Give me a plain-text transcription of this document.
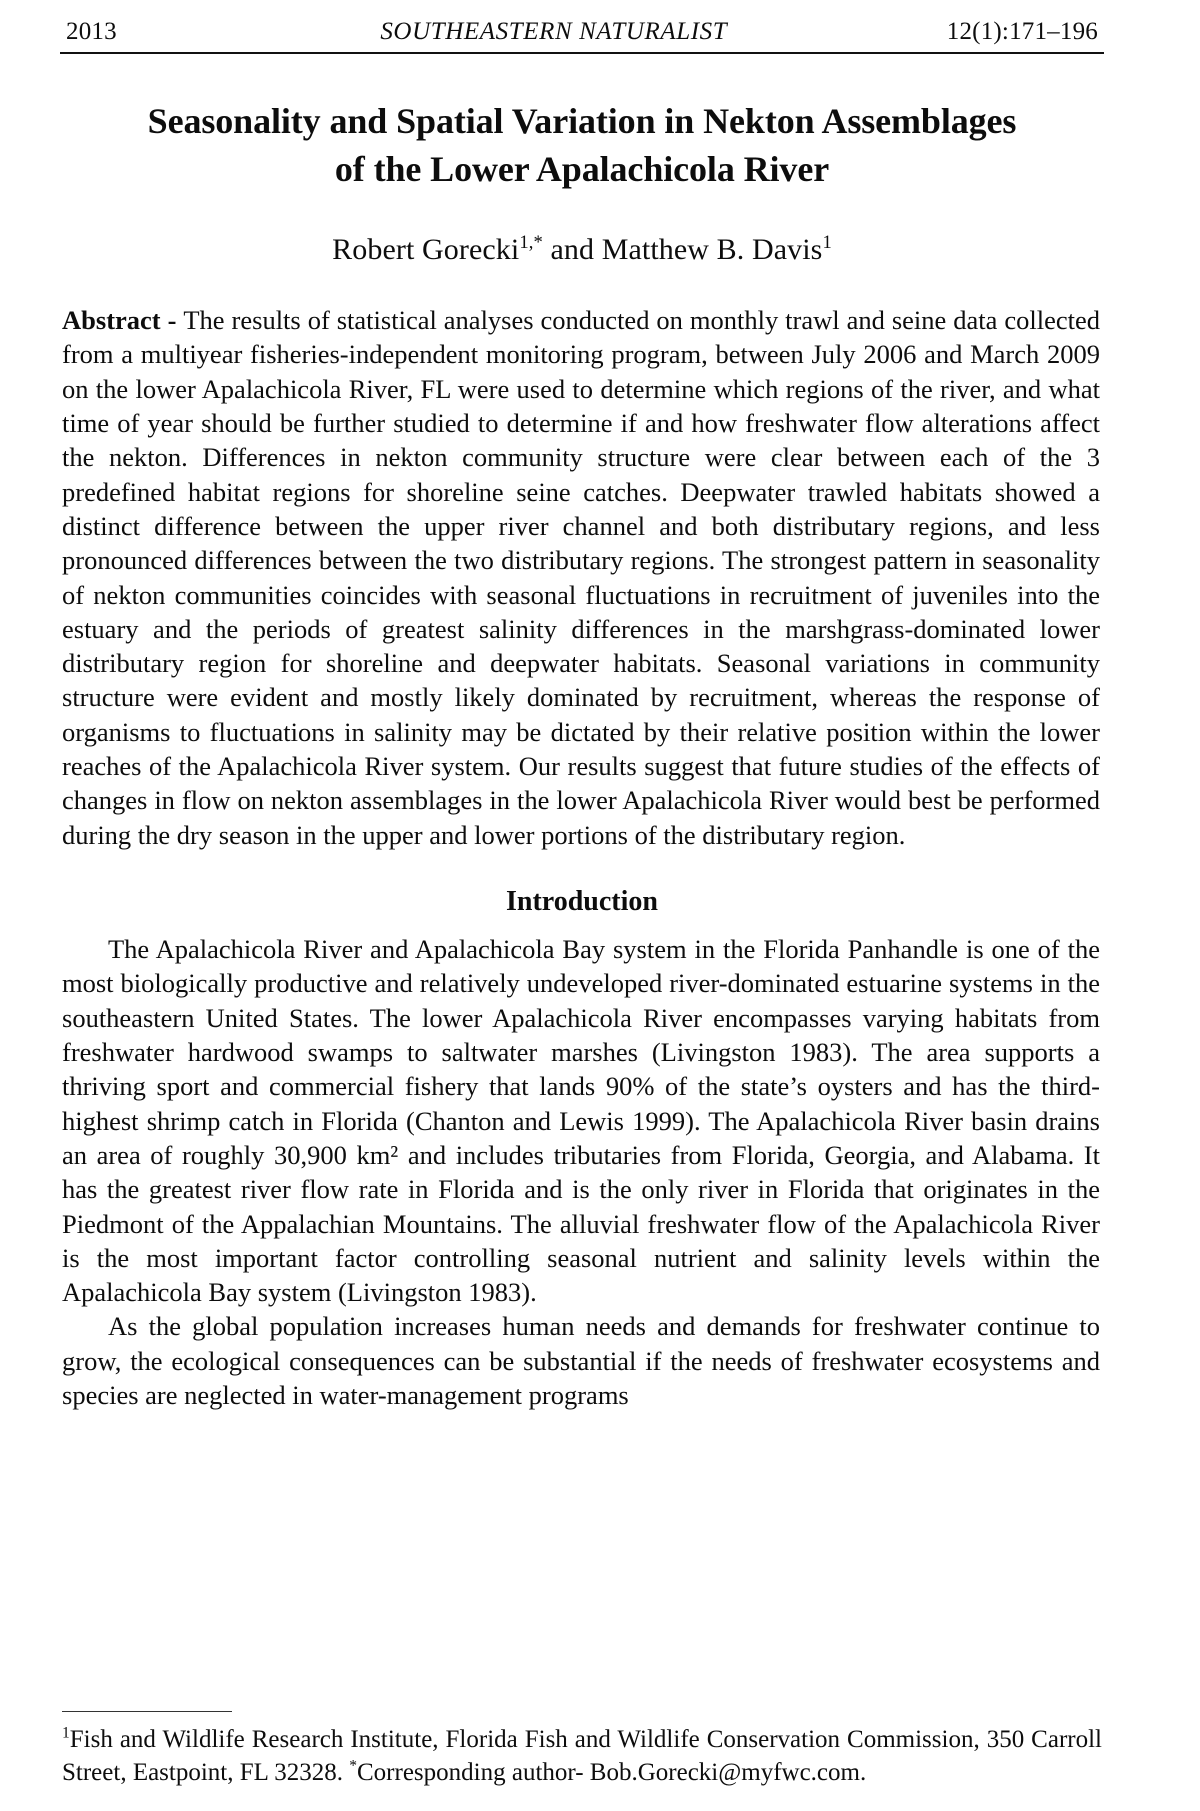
2013	SOUTHEASTERN NATURALIST	12(1):171–196
Seasonality and Spatial Variation in Nekton Assemblages
of the Lower Apalachicola River
Robert Gorecki$^{1,*}$ and Matthew B. Davis$^1$
Abstract - The results of statistical analyses conducted on monthly trawl and seine data collected from a multiyear fisheries-independent monitoring program, between July 2006 and March 2009 on the lower Apalachicola River, FL were used to determine which regions of the river, and what time of year should be further studied to determine if and how freshwater flow alterations affect the nekton. Differences in nekton community structure were clear between each of the 3 predefined habitat regions for shoreline seine catches. Deepwater trawled habitats showed a distinct difference between the upper river channel and both distributary regions, and less pronounced differences between the two distributary regions. The strongest pattern in seasonality of nekton communities coincides with seasonal fluctuations in recruitment of juveniles into the estuary and the periods of greatest salinity differences in the marshgrass-dominated lower distributary region for shoreline and deepwater habitats. Seasonal variations in community structure were evident and mostly likely dominated by recruitment, whereas the response of organisms to fluctuations in salinity may be dictated by their relative position within the lower reaches of the Apalachicola River system. Our results suggest that future studies of the effects of changes in flow on nekton assemblages in the lower Apalachicola River would best be performed during the dry season in the upper and lower portions of the distributary region.
Introduction

The Apalachicola River and Apalachicola Bay system in the Florida Panhandle is one of the most biologically productive and relatively undeveloped river-dominated estuarine systems in the southeastern United States. The lower Apalachicola River encompasses varying habitats from freshwater hardwood swamps to saltwater marshes (Livingston 1983). The area supports a thriving sport and commercial fishery that lands 90% of the state’s oysters and has the third-highest shrimp catch in Florida (Chanton and Lewis 1999). The Apalachicola River basin drains an area of roughly 30,900 km² and includes tributaries from Florida, Georgia, and Alabama. It has the greatest river flow rate in Florida and is the only river in Florida that originates in the Piedmont of the Appalachian Mountains. The alluvial freshwater flow of the Apalachicola River is the most important factor controlling seasonal nutrient and salinity levels within the Apalachicola Bay system (Livingston 1983).

As the global population increases human needs and demands for freshwater continue to grow, the ecological consequences can be substantial if the needs of freshwater ecosystems and species are neglected in water-management programs

$^1$Fish and Wildlife Research Institute, Florida Fish and Wildlife Conservation Commission, 350 Carroll Street, Eastpoint, FL 32328. *Corresponding author- Bob.Gorecki@myfwc.com.
